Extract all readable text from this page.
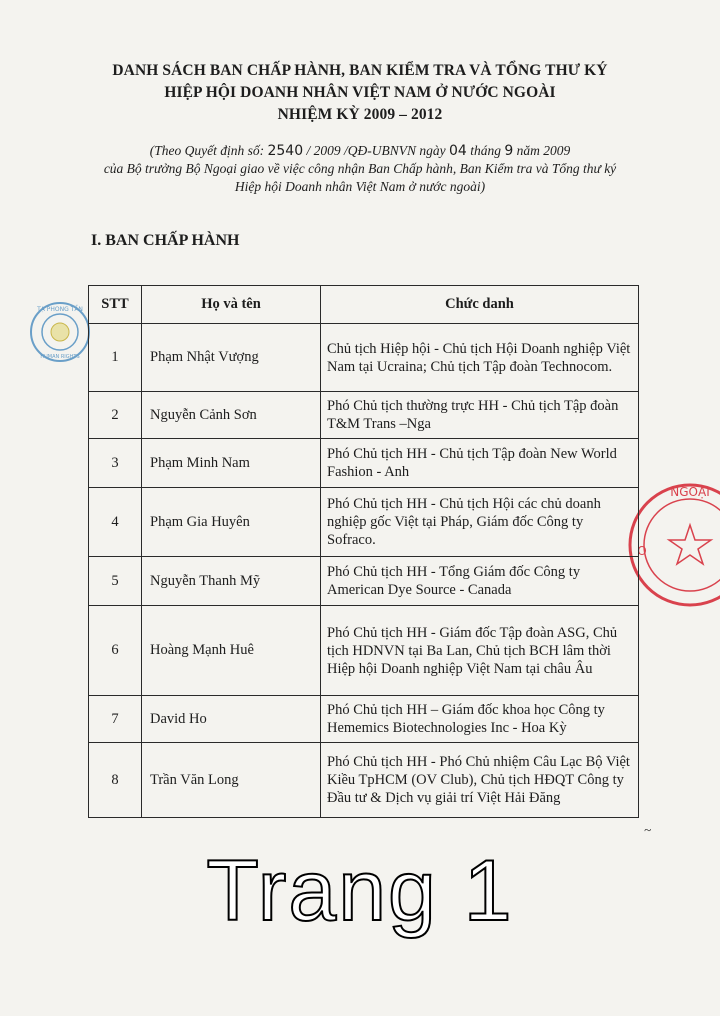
DANH SÁCH BAN CHẤP HÀNH, BAN KIỂM TRA VÀ TỔNG THƯ KÝ
HIỆP HỘI DOANH NHÂN VIỆT NAM Ở NƯỚC NGOÀI
NHIỆM KỲ 2009 – 2012
(Theo Quyết định số: 2540 / 2009 /QĐ-UBNVN ngày 04 tháng 9 năm 2009
của Bộ trưởng Bộ Ngoại giao về việc công nhận Ban Chấp hành, Ban Kiểm tra và Tổng thư ký
Hiệp hội Doanh nhân Việt Nam ở nước ngoài)
I. BAN CHẤP HÀNH
TẠ PHONG TẦN
HUMAN RIGHTS
NGOẠI
O
STT	Họ và tên	Chức danh
1	Phạm Nhật Vượng	Chủ tịch Hiệp hội - Chủ tịch Hội Doanh nghiệp Việt Nam tại Ucraina; Chủ tịch Tập đoàn Technocom.
2	Nguyễn Cảnh Sơn	Phó Chủ tịch thường trực HH - Chủ tịch Tập đoàn T&M Trans –Nga
3	Phạm Minh Nam	Phó Chủ tịch HH - Chủ tịch Tập đoàn New World Fashion - Anh
4	Phạm Gia Huyên	Phó Chủ tịch HH - Chủ tịch Hội các chủ doanh nghiệp gốc Việt tại Pháp, Giám đốc Công ty Sofraco.
5	Nguyễn Thanh Mỹ	Phó Chủ tịch HH - Tổng Giám đốc Công ty American Dye Source - Canada
6	Hoàng Mạnh Huê	Phó Chủ tịch HH - Giám đốc Tập đoàn ASG, Chủ tịch HDNVN tại Ba Lan, Chủ tịch BCH lâm thời Hiệp hội Doanh nghiệp Việt Nam tại châu Âu
7	David Ho	Phó Chủ tịch HH – Giám đốc khoa học Công ty Hememics Biotechnologies Inc - Hoa Kỳ
8	Trần Văn Long	Phó Chủ tịch HH - Phó Chủ nhiệm Câu Lạc Bộ Việt Kiều TpHCM (OV Club), Chủ tịch HĐQT Công ty Đầu tư & Dịch vụ giải trí Việt Hải Đăng
~
Trang 1
